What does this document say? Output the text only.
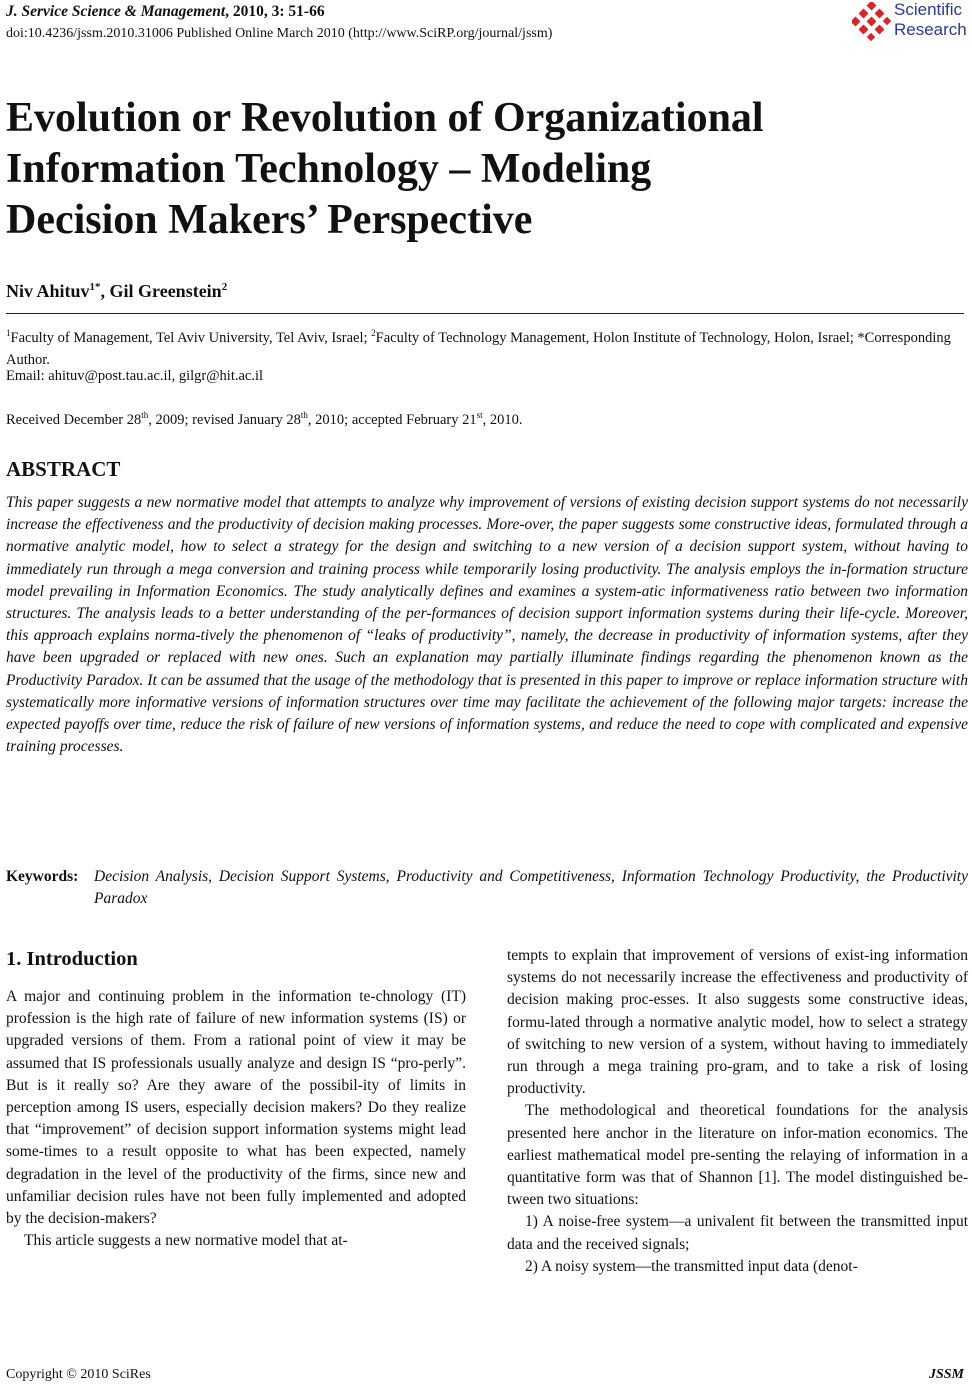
J. Service Science & Management, 2010, 3: 51-66
doi:10.4236/jssm.2010.31006 Published Online March 2010 (http://www.SciRP.org/journal/jssm)
Scientific
Research
Evolution or Revolution of Organizational
Information Technology – Modeling
Decision Makers’ Perspective
Niv Ahituv$^{1*}$, Gil Greenstein$^2$
$^1$Faculty of Management, Tel Aviv University, Tel Aviv, Israel; $^2$Faculty of Technology Management, Holon Institute of Technology, Holon, Israel; *Corresponding Author.
Email: ahituv@post.tau.ac.il, gilgr@hit.ac.il
Received December 28th, 2009; revised January 28th, 2010; accepted February 21st, 2010.
ABSTRACT
This paper suggests a new normative model that attempts to analyze why improvement of versions of existing decision support systems do not necessarily increase the effectiveness and the productivity of decision making processes. More-over, the paper suggests some constructive ideas, formulated through a normative analytic model, how to select a strategy for the design and switching to a new version of a decision support system, without having to immediately run through a mega conversion and training process while temporarily losing productivity. The analysis employs the in-formation structure model prevailing in Information Economics. The study analytically defines and examines a system-atic informativeness ratio between two information structures. The analysis leads to a better understanding of the per-formances of decision support information systems during their life-cycle. Moreover, this approach explains norma-tively the phenomenon of “leaks of productivity”, namely, the decrease in productivity of information systems, after they have been upgraded or replaced with new ones. Such an explanation may partially illuminate findings regarding the phenomenon known as the Productivity Paradox. It can be assumed that the usage of the methodology that is presented in this paper to improve or replace information structure with systematically more informative versions of information structures over time may facilitate the achievement of the following major targets: increase the expected payoffs over time, reduce the risk of failure of new versions of information systems, and reduce the need to cope with complicated and expensive training processes.
Keywords:	Decision Analysis, Decision Support Systems, Productivity and Competitiveness, Information Technology Productivity, the Productivity Paradox
1. Introduction

A major and continuing problem in the information te-chnology (IT) profession is the high rate of failure of new information systems (IS) or upgraded versions of them. From a rational point of view it may be assumed that IS professionals usually analyze and design IS “pro-perly”. But is it really so? Are they aware of the possibil-ity of limits in perception among IS users, especially decision makers? Do they realize that “improvement” of decision support information systems might lead some-times to a result opposite to what has been expected, namely degradation in the level of the productivity of the firms, since new and unfamiliar decision rules have not been fully implemented and adopted by the decision-makers?

This article suggests a new normative model that at-

tempts to explain that improvement of versions of exist-ing information systems do not necessarily increase the effectiveness and productivity of decision making proc-esses. It also suggests some constructive ideas, formu-lated through a normative analytic model, how to select a strategy of switching to new version of a system, without having to immediately run through a mega training pro-gram, and to take a risk of losing productivity.

The methodological and theoretical foundations for the analysis presented here anchor in the literature on infor-mation economics. The earliest mathematical model pre-senting the relaying of information in a quantitative form was that of Shannon [1]. The model distinguished be-tween two situations:

1) A noise-free system—a univalent fit between the transmitted input data and the received signals;

2) A noisy system—the transmitted input data (denot-

Copyright © 2010 SciRes	JSSM
